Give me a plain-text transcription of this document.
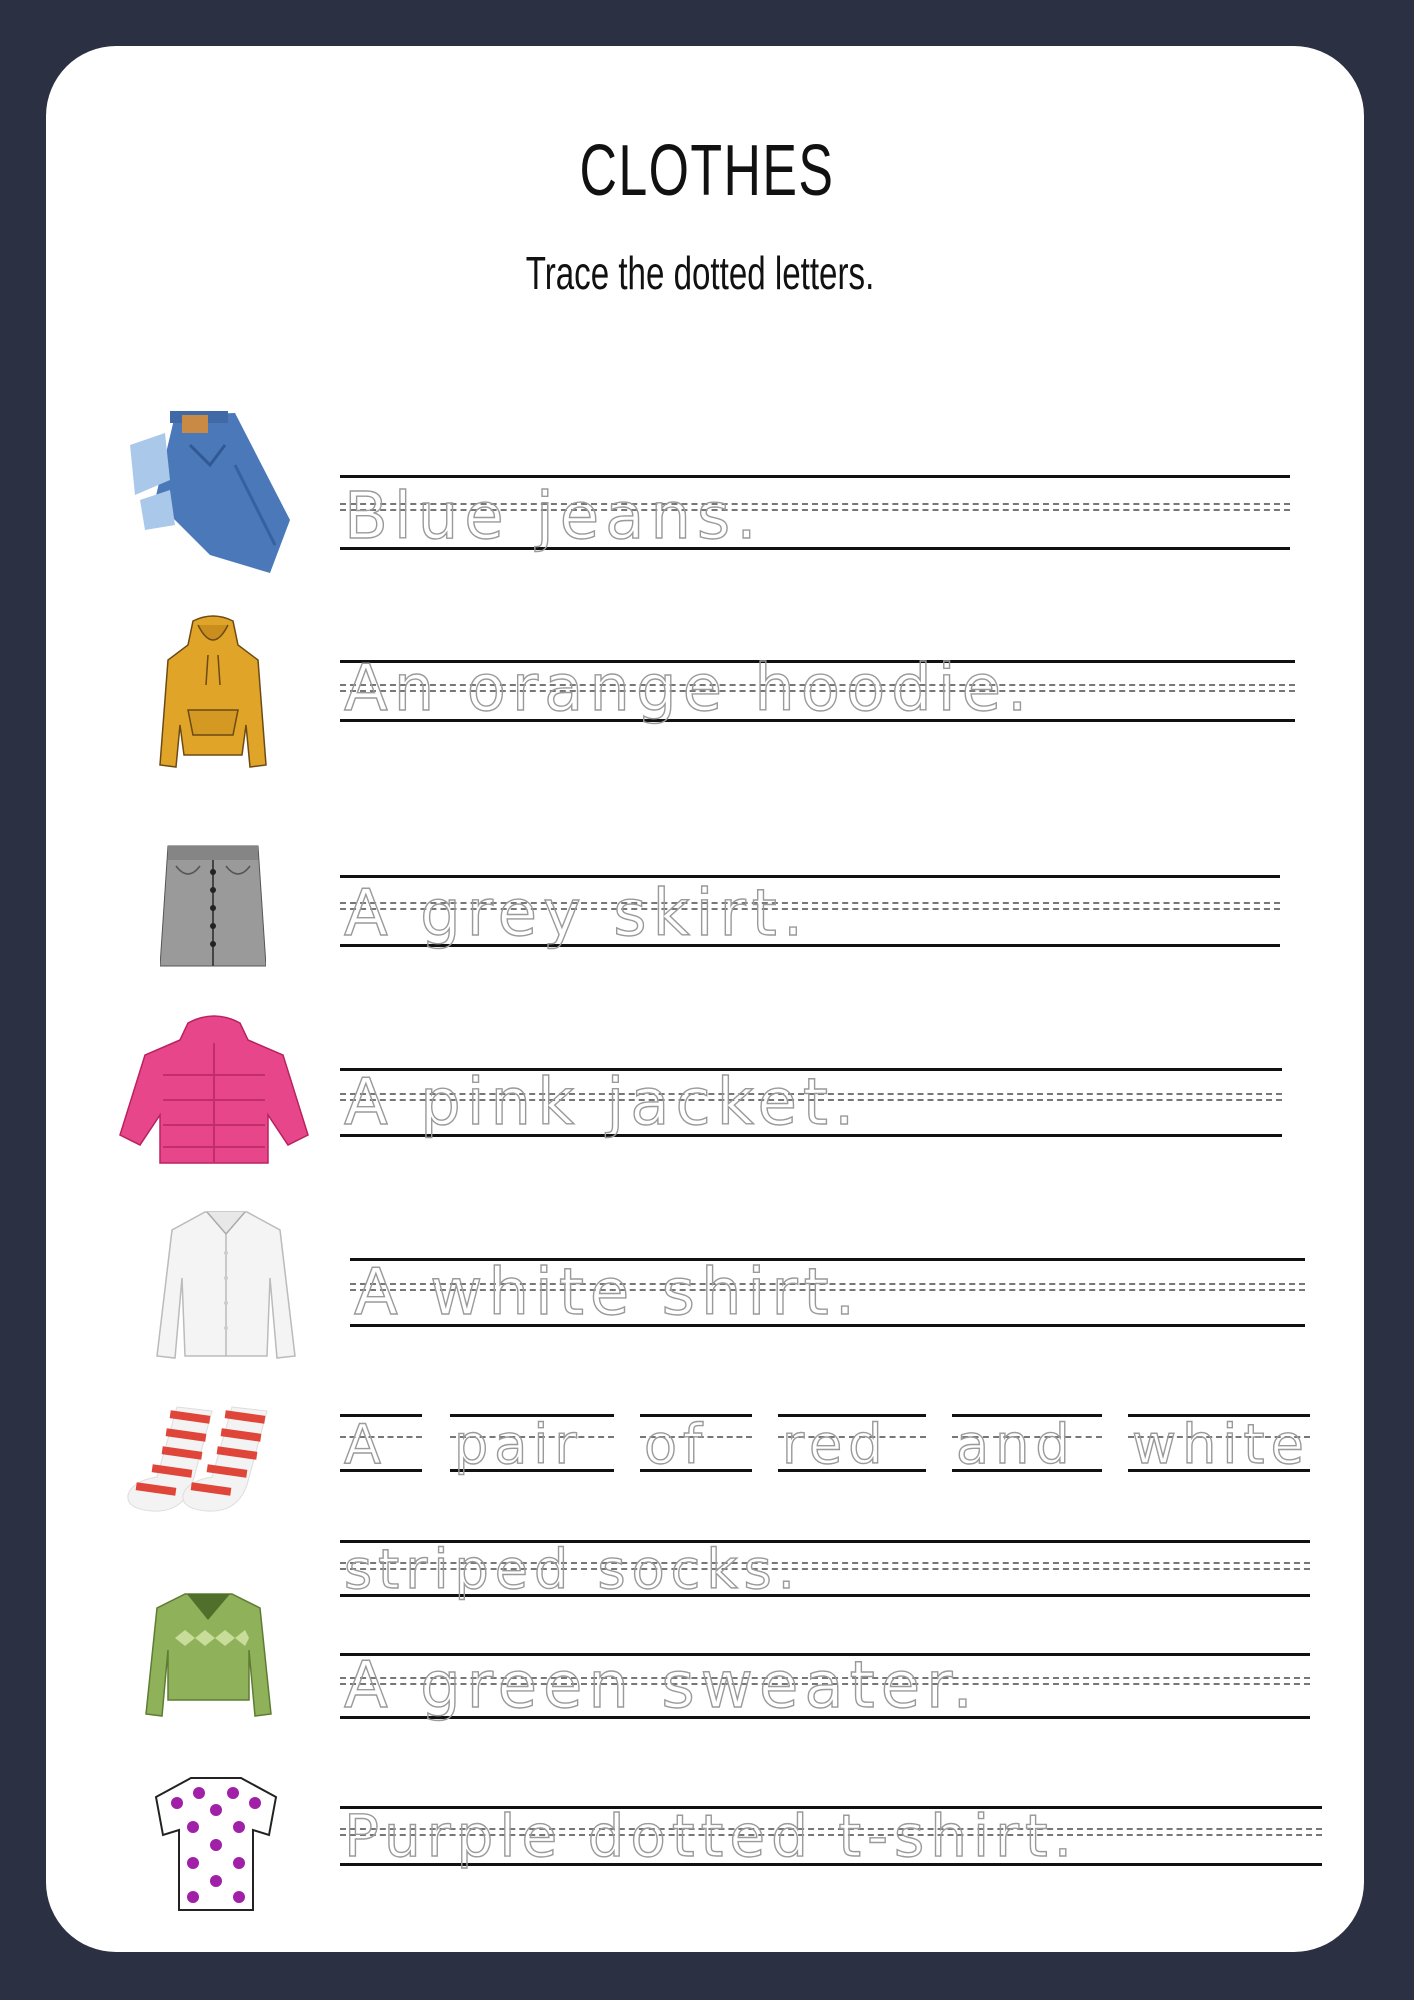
CLOTHES

Trace the dotted letters.

Blue jeans.
An orange hoodie.
A grey skirt.
A pink jacket.
A white shirt.
A pair of red and white
striped socks.
A green sweater.
Purple dotted t-shirt.
